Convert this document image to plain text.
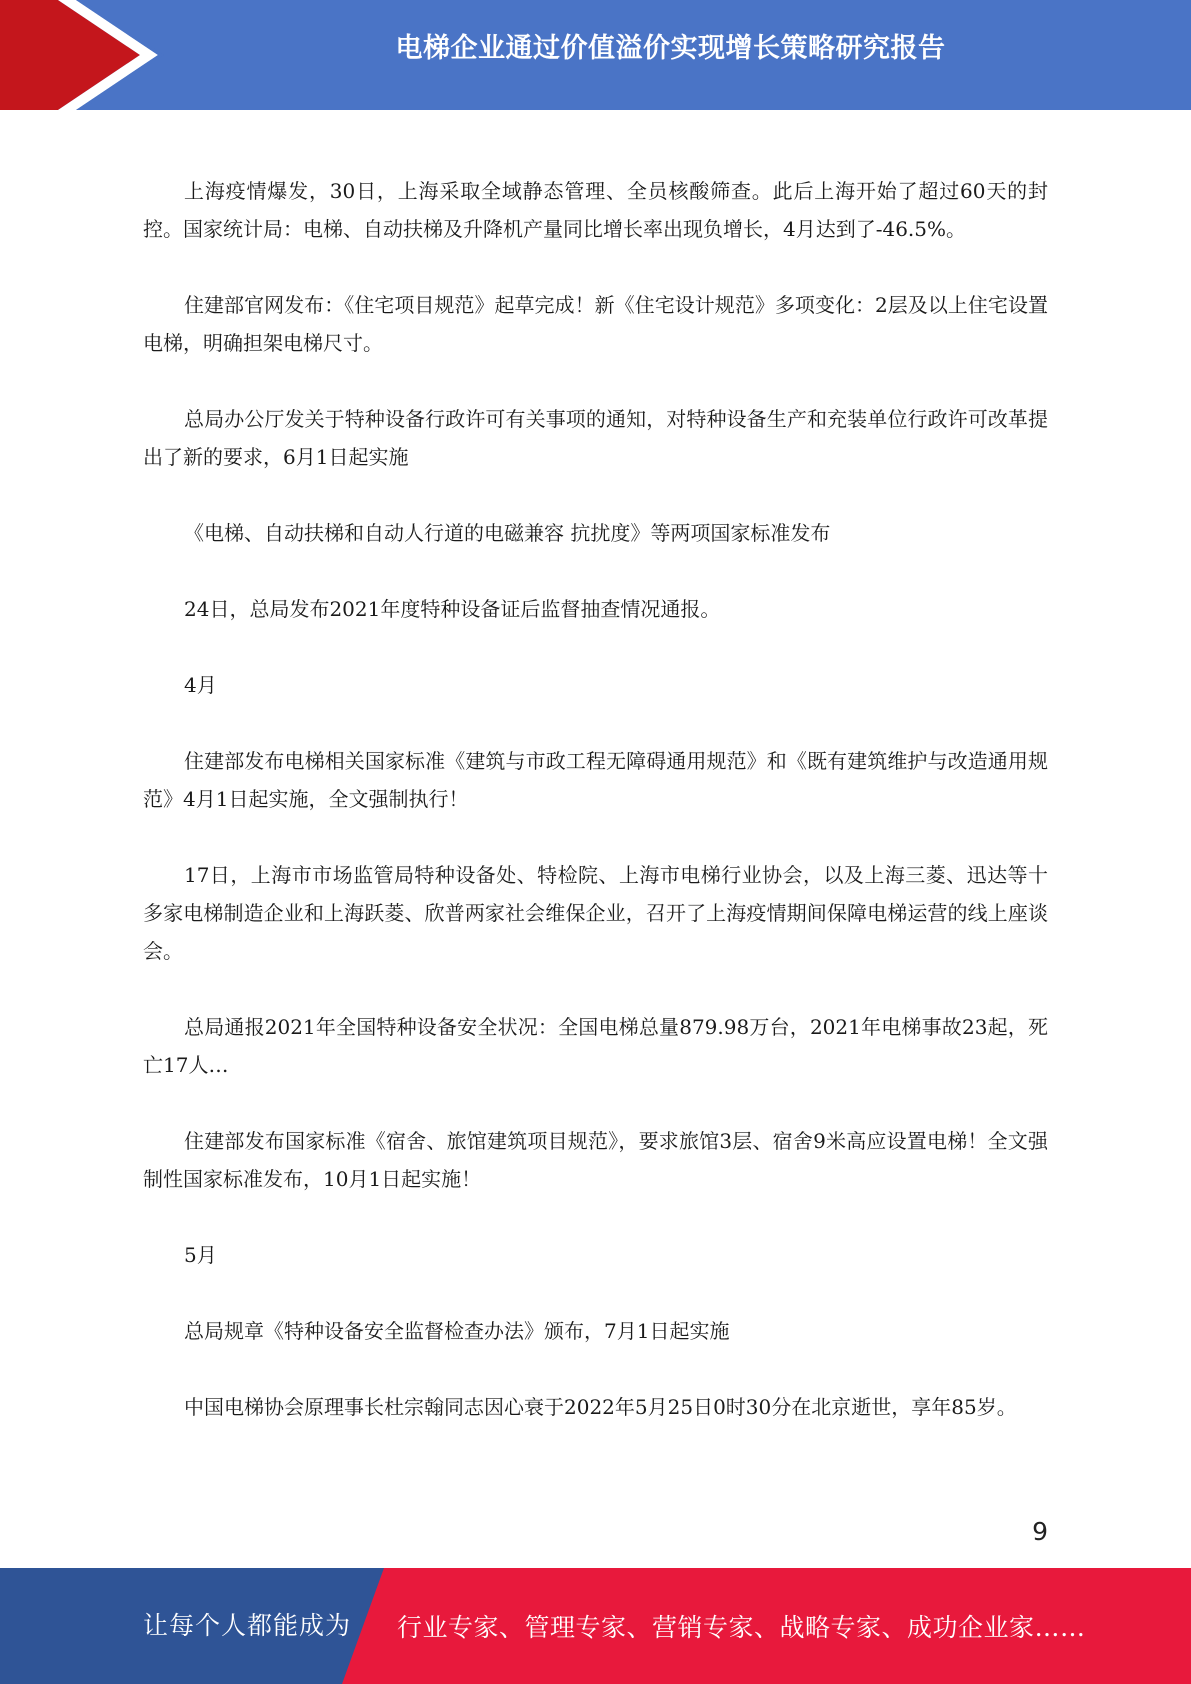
电梯企业通过价值溢价实现增长策略研究报告

上海疫情爆发，30日，上海采取全域静态管理、全员核酸筛查。此后上海开始了超过60天的封控。国家统计局：电梯、自动扶梯及升降机产量同比增长率出现负增长，4月达到了-46.5%。

住建部官网发布：《住宅项目规范》起草完成！新《住宅设计规范》多项变化：2层及以上住宅设置电梯，明确担架电梯尺寸。

总局办公厅发关于特种设备行政许可有关事项的通知，对特种设备生产和充装单位行政许可改革提出了新的要求，6月1日起实施

《电梯、自动扶梯和自动人行道的电磁兼容 抗扰度》等两项国家标准发布

24日，总局发布2021年度特种设备证后监督抽查情况通报。

4月

住建部发布电梯相关国家标准《建筑与市政工程无障碍通用规范》和《既有建筑维护与改造通用规范》4月1日起实施，全文强制执行！

17日，上海市市场监管局特种设备处、特检院、上海市电梯行业协会，以及上海三菱、迅达等十多家电梯制造企业和上海跃菱、欣普两家社会维保企业，召开了上海疫情期间保障电梯运营的线上座谈会。

总局通报2021年全国特种设备安全状况：全国电梯总量879.98万台，2021年电梯事故23起，死亡17人…

住建部发布国家标准《宿舍、旅馆建筑项目规范》，要求旅馆3层、宿舍9米高应设置电梯！全文强制性国家标准发布，10月1日起实施！

5月

总局规章《特种设备安全监督检查办法》颁布，7月1日起实施

中国电梯协会原理事长杜宗翰同志因心衰于2022年5月25日0时30分在北京逝世，享年85岁。

9
让每个人都能成为 行业专家、管理专家、营销专家、战略专家、成功企业家……
